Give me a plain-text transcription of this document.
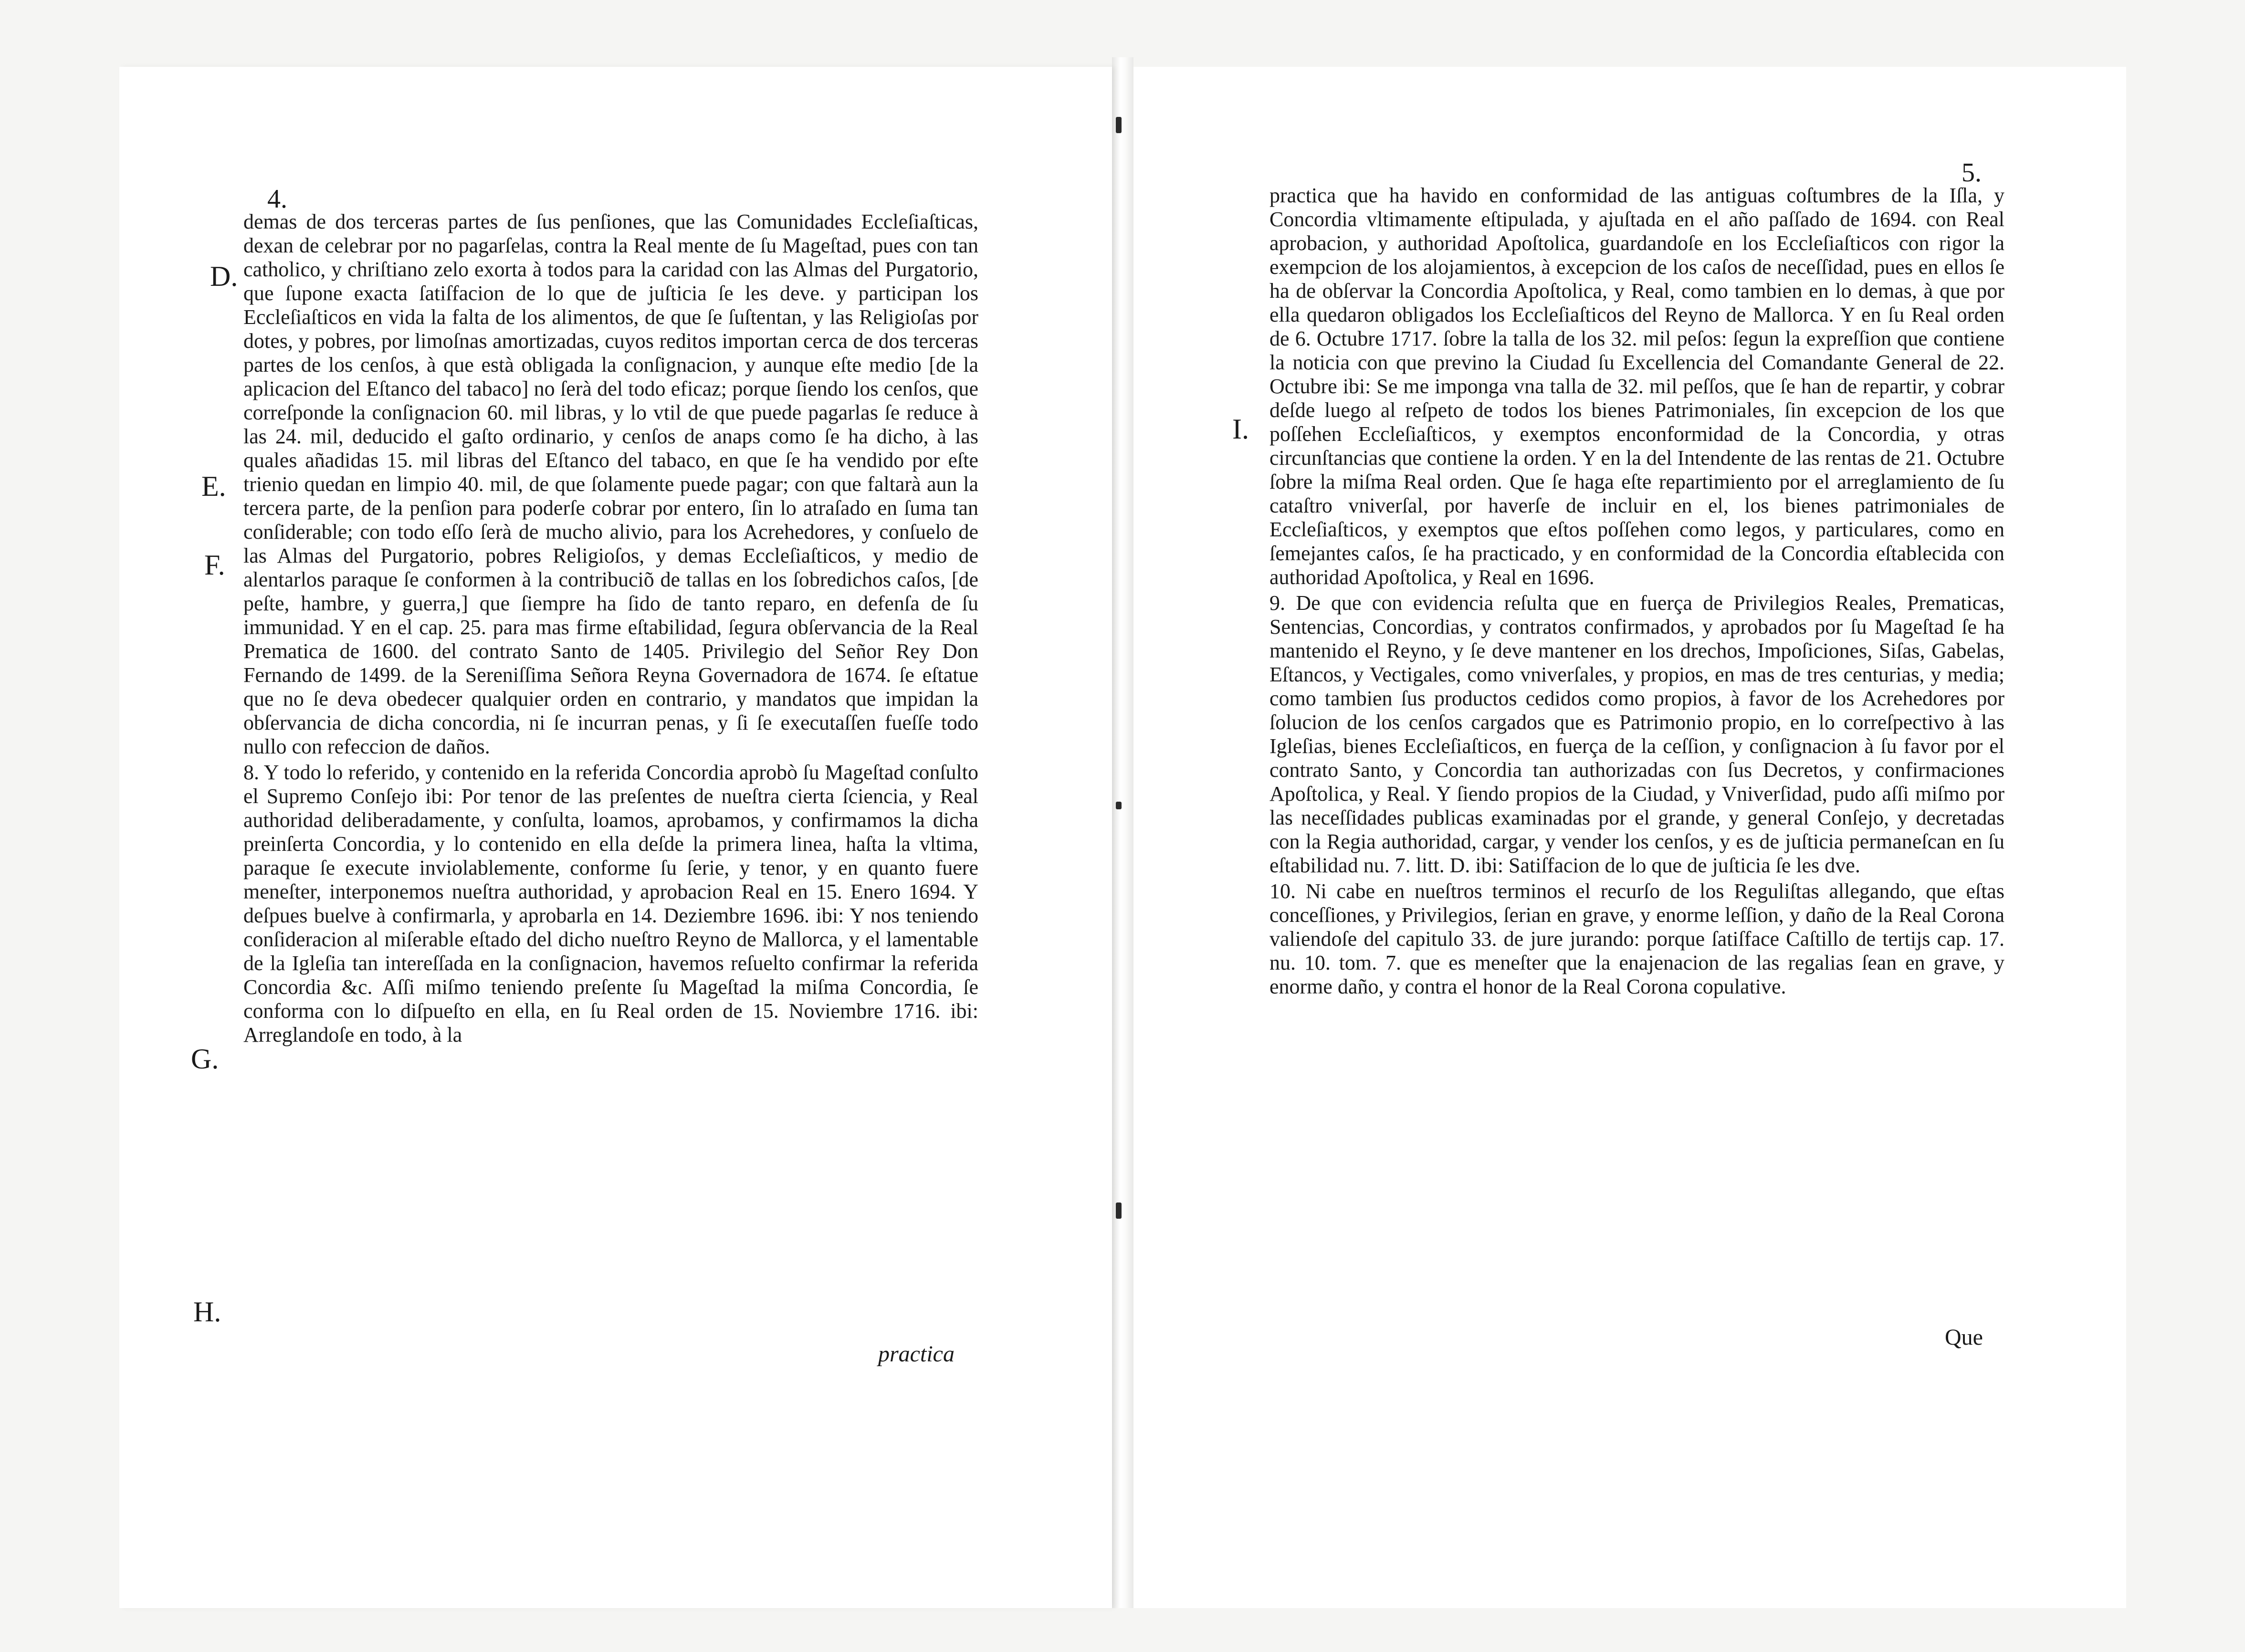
4.
D.
E.
F.
G.
H.

demas de dos terceras partes de ſus penſiones, que las Comunidades Eccleſiaſticas, dexan de celebrar por no pagarſelas, contra la Real mente de ſu Mageſtad, pues con tan catholico, y chriſtiano zelo exorta à todos para la caridad con las Almas del Purgatorio, que ſupone exacta ſatiſfacion de lo que de juſticia ſe les deve. y participan los Eccleſiaſticos en vida la falta de los alimentos, de que ſe ſuſtentan, y las Religioſas por dotes, y pobres, por limoſnas amortizadas, cuyos reditos importan cerca de dos terceras partes de los cenſos, à que està obligada la conſignacion, y aunque eſte medio [de la aplicacion del Eſtanco del tabaco] no ſerà del todo eficaz; porque ſiendo los cenſos, que correſponde la conſignacion 60. mil libras, y lo vtil de que puede pagarlas ſe reduce à las 24. mil, deducido el gaſto ordinario, y cenſos de anaps como ſe ha dicho, à las quales añadidas 15. mil libras del Eſtanco del tabaco, en que ſe ha vendido por eſte trienio quedan en limpio 40. mil, de que ſolamente puede pagar; con que faltarà aun la tercera parte, de la penſion para poderſe cobrar por entero, ſin lo atraſado en ſuma tan conſiderable; con todo eſſo ſerà de mucho alivio, para los Acrehedores, y conſuelo de las Almas del Purgatorio, pobres Religioſos, y demas Eccleſiaſticos, y medio de alentarlos paraque ſe conformen à la contribuciõ de tallas en los ſobredichos caſos, [de peſte, hambre, y guerra,] que ſiempre ha ſido de tanto reparo, en defenſa de ſu immunidad. Y en el cap. 25. para mas firme eſtabilidad, ſegura obſervancia de la Real Prematica de 1600. del contrato Santo de 1405. Privilegio del Señor Rey Don Fernando de 1499. de la Sereniſſima Señora Reyna Governadora de 1674. ſe eſtatue que no ſe deva obedecer qualquier orden en contrario, y mandatos que impidan la obſervancia de dicha concordia, ni ſe incurran penas, y ſi ſe executaſſen fueſſe todo nullo con refeccion de daños.

8. Y todo lo referido, y contenido en la referida Concordia aprobò ſu Mageſtad conſulto el Supremo Conſejo ibi: Por tenor de las preſentes de nueſtra cierta ſciencia, y Real authoridad deliberadamente, y conſulta, loamos, aprobamos, y confirmamos la dicha preinſerta Concordia, y lo contenido en ella deſde la primera linea, haſta la vltima, paraque ſe execute inviolablemente, conforme ſu ſerie, y tenor, y en quanto fuere meneſter, interponemos nueſtra authoridad, y aprobacion Real en 15. Enero 1694. Y deſpues buelve à confirmarla, y aprobarla en 14. Deziembre 1696. ibi: Y nos teniendo conſideracion al miſerable eſtado del dicho nueſtro Reyno de Mallorca, y el lamentable de la Igleſia tan intereſſada en la conſignacion, havemos reſuelto confirmar la referida Concordia &c. Aſſi miſmo teniendo preſente ſu Mageſtad la miſma Concordia, ſe conforma con lo diſpueſto en ella, en ſu Real orden de 15. Noviembre 1716. ibi: Arreglandoſe en todo, à la

practica
5.
I.

practica que ha havido en conformidad de las antiguas coſtumbres de la Iſla, y Concordia vltimamente eſtipulada, y ajuſtada en el año paſſado de 1694. con Real aprobacion, y authoridad Apoſtolica, guardandoſe en los Eccleſiaſticos con rigor la exempcion de los alojamientos, à excepcion de los caſos de neceſſidad, pues en ellos ſe ha de obſervar la Concordia Apoſtolica, y Real, como tambien en lo demas, à que por ella quedaron obligados los Eccleſiaſticos del Reyno de Mallorca. Y en ſu Real orden de 6. Octubre 1717. ſobre la talla de los 32. mil peſos: ſegun la expreſſion que contiene la noticia con que previno la Ciudad ſu Excellencia del Comandante General de 22. Octubre ibi: Se me imponga vna talla de 32. mil peſſos, que ſe han de repartir, y cobrar deſde luego al reſpeto de todos los bienes Patrimoniales, ſin excepcion de los que poſſehen Eccleſiaſticos, y exemptos enconformidad de la Concordia, y otras circunſtancias que contiene la orden. Y en la del Intendente de las rentas de 21. Octubre ſobre la miſma Real orden. Que ſe haga eſte repartimiento por el arreglamiento de ſu cataſtro vniverſal, por haverſe de incluir en el, los bienes patrimoniales de Eccleſiaſticos, y exemptos que eſtos poſſehen como legos, y particulares, como en ſemejantes caſos, ſe ha practicado, y en conformidad de la Concordia eſtablecida con authoridad Apoſtolica, y Real en 1696.

9. De que con evidencia reſulta que en fuerça de Privilegios Reales, Prematicas, Sentencias, Concordias, y contratos confirmados, y aprobados por ſu Mageſtad ſe ha mantenido el Reyno, y ſe deve mantener en los drechos, Impoſiciones, Siſas, Gabelas, Eſtancos, y Vectigales, como vniverſales, y propios, en mas de tres centurias, y media; como tambien ſus productos cedidos como propios, à favor de los Acrehedores por ſolucion de los cenſos cargados que es Patrimonio propio, en lo correſpectivo à las Igleſias, bienes Eccleſiaſticos, en fuerça de la ceſſion, y conſignacion à ſu favor por el contrato Santo, y Concordia tan authorizadas con ſus Decretos, y confirmaciones Apoſtolica, y Real. Y ſiendo propios de la Ciudad, y Vniverſidad, pudo aſſi miſmo por las neceſſidades publicas examinadas por el grande, y general Conſejo, y decretadas con la Regia authoridad, cargar, y vender los cenſos, y es de juſticia permaneſcan en ſu eſtabilidad nu. 7. litt. D. ibi: Satiſfacion de lo que de juſticia ſe les dve.

10. Ni cabe en nueſtros terminos el recurſo de los Reguliſtas allegando, que eſtas conceſſiones, y Privilegios, ſerian en grave, y enorme leſſion, y daño de la Real Corona valiendoſe del capitulo 33. de jure jurando: porque ſatiſface Caſtillo de tertijs cap. 17. nu. 10. tom. 7. que es meneſter que la enajenacion de las regalias ſean en grave, y enorme daño, y contra el honor de la Real Corona copulative.

Que
